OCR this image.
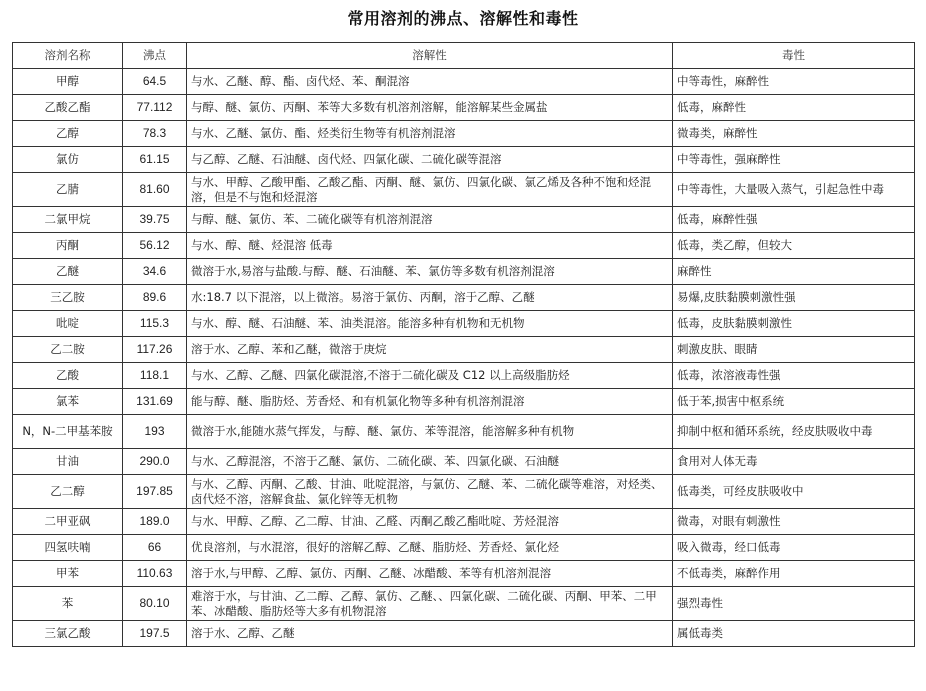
常用溶剂的沸点、溶解性和毒性
溶剂名称	沸点	溶解性	毒性
甲醇	64.5	与水、乙醚、醇、酯、卤代烃、苯、酮混溶	中等毒性，麻醉性
乙酸乙酯	77.112	与醇、醚、氯仿、丙酮、苯等大多数有机溶剂溶解，能溶解某些金属盐	低毒，麻醉性
乙醇	78.3	与水、乙醚、氯仿、酯、烃类衍生物等有机溶剂混溶	微毒类，麻醉性
氯仿	61.15	与乙醇、乙醚、石油醚、卤代烃、四氯化碳、二硫化碳等混溶	中等毒性，强麻醉性
乙腈	81.60	与水、甲醇、乙酸甲酯、乙酸乙酯、丙酮、醚、氯仿、四氯化碳、氯乙烯及各种不饱和烃混溶，但是不与饱和烃混溶	中等毒性，大量吸入蒸气，引起急性中毒
二氯甲烷	39.75	与醇、醚、氯仿、苯、二硫化碳等有机溶剂混溶	低毒，麻醉性强
丙酮	56.12	与水、醇、醚、烃混溶 低毒	低毒，类乙醇，但较大
乙醚	34.6	微溶于水,易溶与盐酸.与醇、醚、石油醚、苯、氯仿等多数有机溶剂混溶	麻醉性
三乙胺	89.6	水:18.7 以下混溶，以上微溶。易溶于氯仿、丙酮，溶于乙醇、乙醚	易爆,皮肤黏膜刺激性强
吡啶	115.3	与水、醇、醚、石油醚、苯、油类混溶。能溶多种有机物和无机物	低毒，皮肤黏膜刺激性
乙二胺	117.26	溶于水、乙醇、苯和乙醚，微溶于庚烷	刺激皮肤、眼睛
乙酸	118.1	与水、乙醇、乙醚、四氯化碳混溶,不溶于二硫化碳及 C12 以上高级脂肪烃	低毒，浓溶液毒性强
氯苯	131.69	能与醇、醚、脂肪烃、芳香烃、和有机氯化物等多种有机溶剂混溶	低于苯,损害中枢系统
N，N-二甲基苯胺	193	微溶于水,能随水蒸气挥发，与醇、醚、氯仿、苯等混溶，能溶解多种有机物	抑制中枢和循环系统，经皮肤吸收中毒
甘油	290.0	与水、乙醇混溶，不溶于乙醚、氯仿、二硫化碳、苯、四氯化碳、石油醚	食用对人体无毒
乙二醇	197.85	与水、乙醇、丙酮、乙酸、甘油、吡啶混溶，与氯仿、乙醚、苯、二硫化碳等难溶，对烃类、卤代烃不溶，溶解食盐、氯化锌等无机物	低毒类，可经皮肤吸收中
二甲亚砜	189.0	与水、甲醇、乙醇、乙二醇、甘油、乙醛、丙酮乙酸乙酯吡啶、芳烃混溶	微毒，对眼有刺激性
四氢呋喃	66	优良溶剂，与水混溶，很好的溶解乙醇、乙醚、脂肪烃、芳香烃、氯化烃	吸入微毒，经口低毒
甲苯	110.63	溶于水,与甲醇、乙醇、氯仿、丙酮、乙醚、冰醋酸、苯等有机溶剂混溶	不低毒类，麻醉作用
苯	80.10	难溶于水，与甘油、乙二醇、乙醇、氯仿、乙醚、、四氯化碳、二硫化碳、丙酮、甲苯、二甲苯、冰醋酸、脂肪烃等大多有机物混溶	强烈毒性
三氯乙酸	197.5	溶于水、乙醇、乙醚	属低毒类
